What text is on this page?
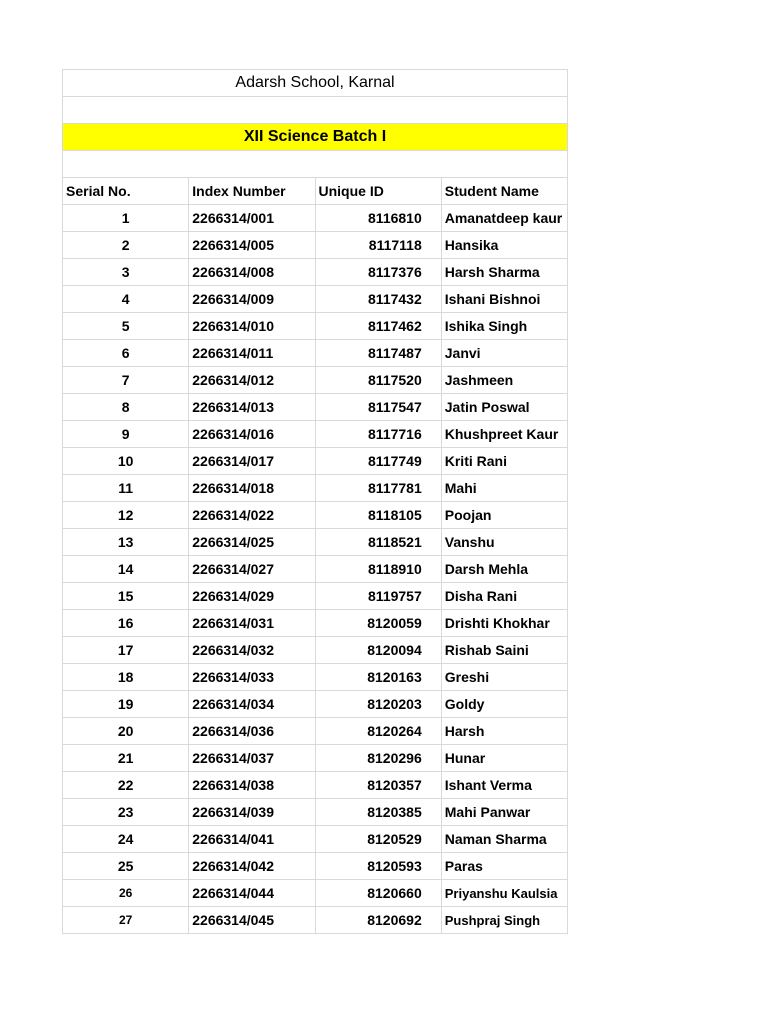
Adarsh School, Karnal			

XII Science Batch I			

Serial No.	Index Number	Unique ID	Student Name
1	2266314/001	8116810	Amanatdeep kaur
2	2266314/005	8117118	Hansika
3	2266314/008	8117376	Harsh Sharma
4	2266314/009	8117432	Ishani Bishnoi
5	2266314/010	8117462	Ishika Singh
6	2266314/011	8117487	Janvi
7	2266314/012	8117520	Jashmeen
8	2266314/013	8117547	Jatin Poswal
9	2266314/016	8117716	Khushpreet Kaur
10	2266314/017	8117749	Kriti Rani
11	2266314/018	8117781	Mahi
12	2266314/022	8118105	Poojan
13	2266314/025	8118521	Vanshu
14	2266314/027	8118910	Darsh Mehla
15	2266314/029	8119757	Disha Rani
16	2266314/031	8120059	Drishti Khokhar
17	2266314/032	8120094	Rishab Saini
18	2266314/033	8120163	Greshi
19	2266314/034	8120203	Goldy
20	2266314/036	8120264	Harsh
21	2266314/037	8120296	Hunar
22	2266314/038	8120357	Ishant Verma
23	2266314/039	8120385	Mahi Panwar
24	2266314/041	8120529	Naman Sharma
25	2266314/042	8120593	Paras
26	2266314/044	8120660	Priyanshu Kaulsia
27	2266314/045	8120692	Pushpraj Singh
